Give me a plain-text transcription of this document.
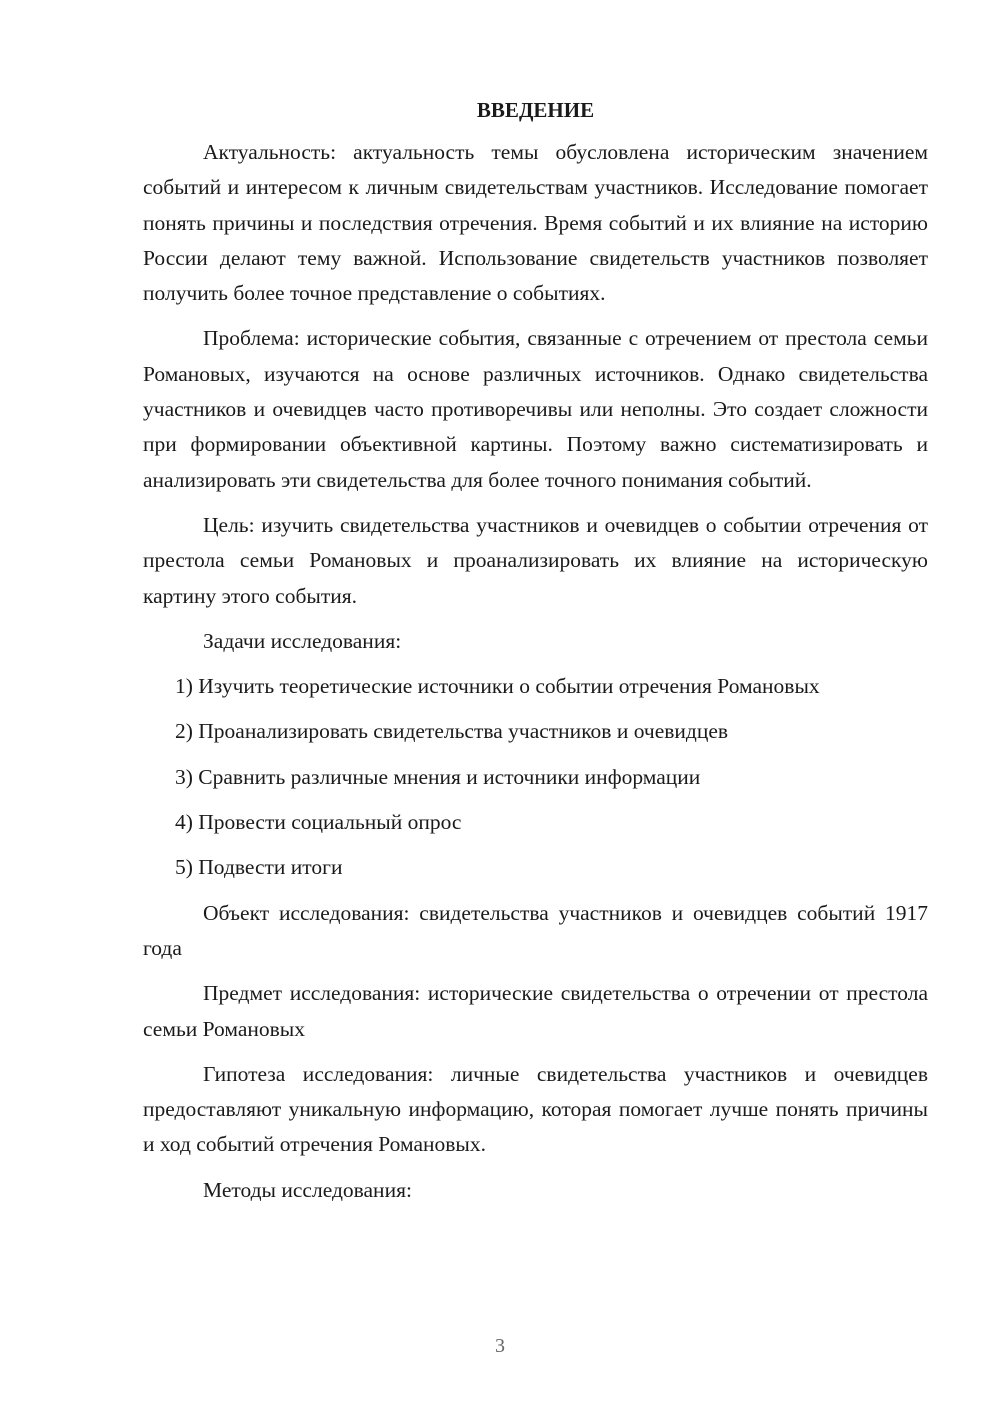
ВВЕДЕНИЕ

Актуальность: актуальность темы обусловлена историческим значением событий и интересом к личным свидетельствам участников. Исследование помогает понять причины и последствия отречения. Время событий и их влияние на историю России делают тему важной. Использование свидетельств участников позволяет получить более точное представление о событиях.

Проблема: исторические события, связанные с отречением от престола семьи Романовых, изучаются на основе различных источников. Однако свидетельства участников и очевидцев часто противоречивы или неполны. Это создает сложности при формировании объективной картины. Поэтому важно систематизировать и анализировать эти свидетельства для более точного понимания событий.

Цель: изучить свидетельства участников и очевидцев о событии отречения от престола семьи Романовых и проанализировать их влияние на историческую картину этого события.

Задачи исследования:

1) Изучить теоретические источники о событии отречения Романовых
2) Проанализировать свидетельства участников и очевидцев
3) Сравнить различные мнения и источники информации
4) Провести социальный опрос
5) Подвести итоги

Объект исследования: свидетельства участников и очевидцев событий 1917 года

Предмет исследования: исторические свидетельства о отречении от престола семьи Романовых

Гипотеза исследования: личные свидетельства участников и очевидцев предоставляют уникальную информацию, которая помогает лучше понять причины и ход событий отречения Романовых.

Методы исследования:

3
